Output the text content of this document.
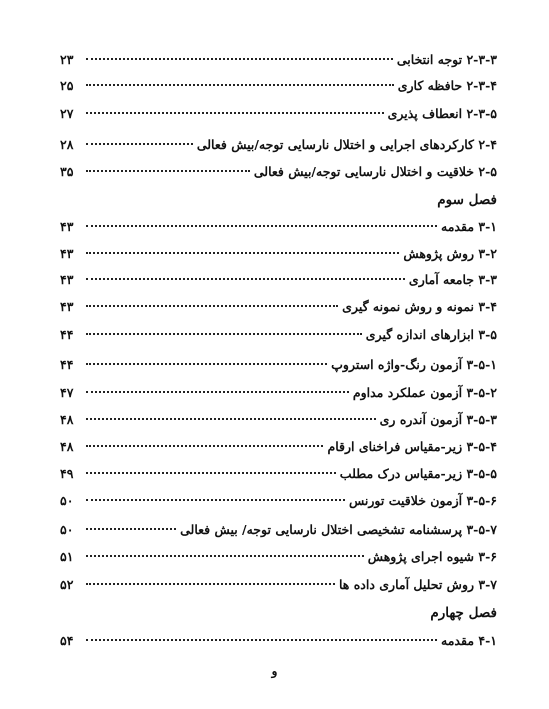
۲-۳-۳ توجه انتخابی
۲۳
۲-۳-۴ حافظه کاری
۲۵
۲-۳-۵ انعطاف پذیری
۲۷
۲-۴ کارکردهای اجرایی و اختلال نارسایی توجه/بیش فعالی
۲۸
۲-۵ خلاقیت و اختلال نارسایی توجه/بیش فعالی
۳۵
فصل سوم
۳-۱ مقدمه
۴۳
۳-۲ روش پژوهش
۴۳
۳-۳ جامعه آماری
۴۳
۳-۴ نمونه و روش نمونه گیری
۴۳
۳-۵ ابزارهای اندازه گیری
۴۴
۳-۵-۱ آزمون رنگ-واژه استروپ
۴۴
۳-۵-۲ آزمون عملکرد مداوم
۴۷
۳-۵-۳ آزمون آندره ری
۴۸
۳-۵-۴ زیر-مقیاس فراخنای ارقام
۴۸
۳-۵-۵ زیر-مقیاس درک مطلب
۴۹
۳-۵-۶ آزمون خلاقیت تورنس
۵۰
۳-۵-۷ پرسشنامه تشخیصی اختلال نارسایی توجه/ بیش فعالی
۵۰
۳-۶ شیوه اجرای پژوهش
۵۱
۳-۷ روش تحلیل آماری داده ها
۵۲
فصل چهارم
۴-۱ مقدمه
۵۴
و
